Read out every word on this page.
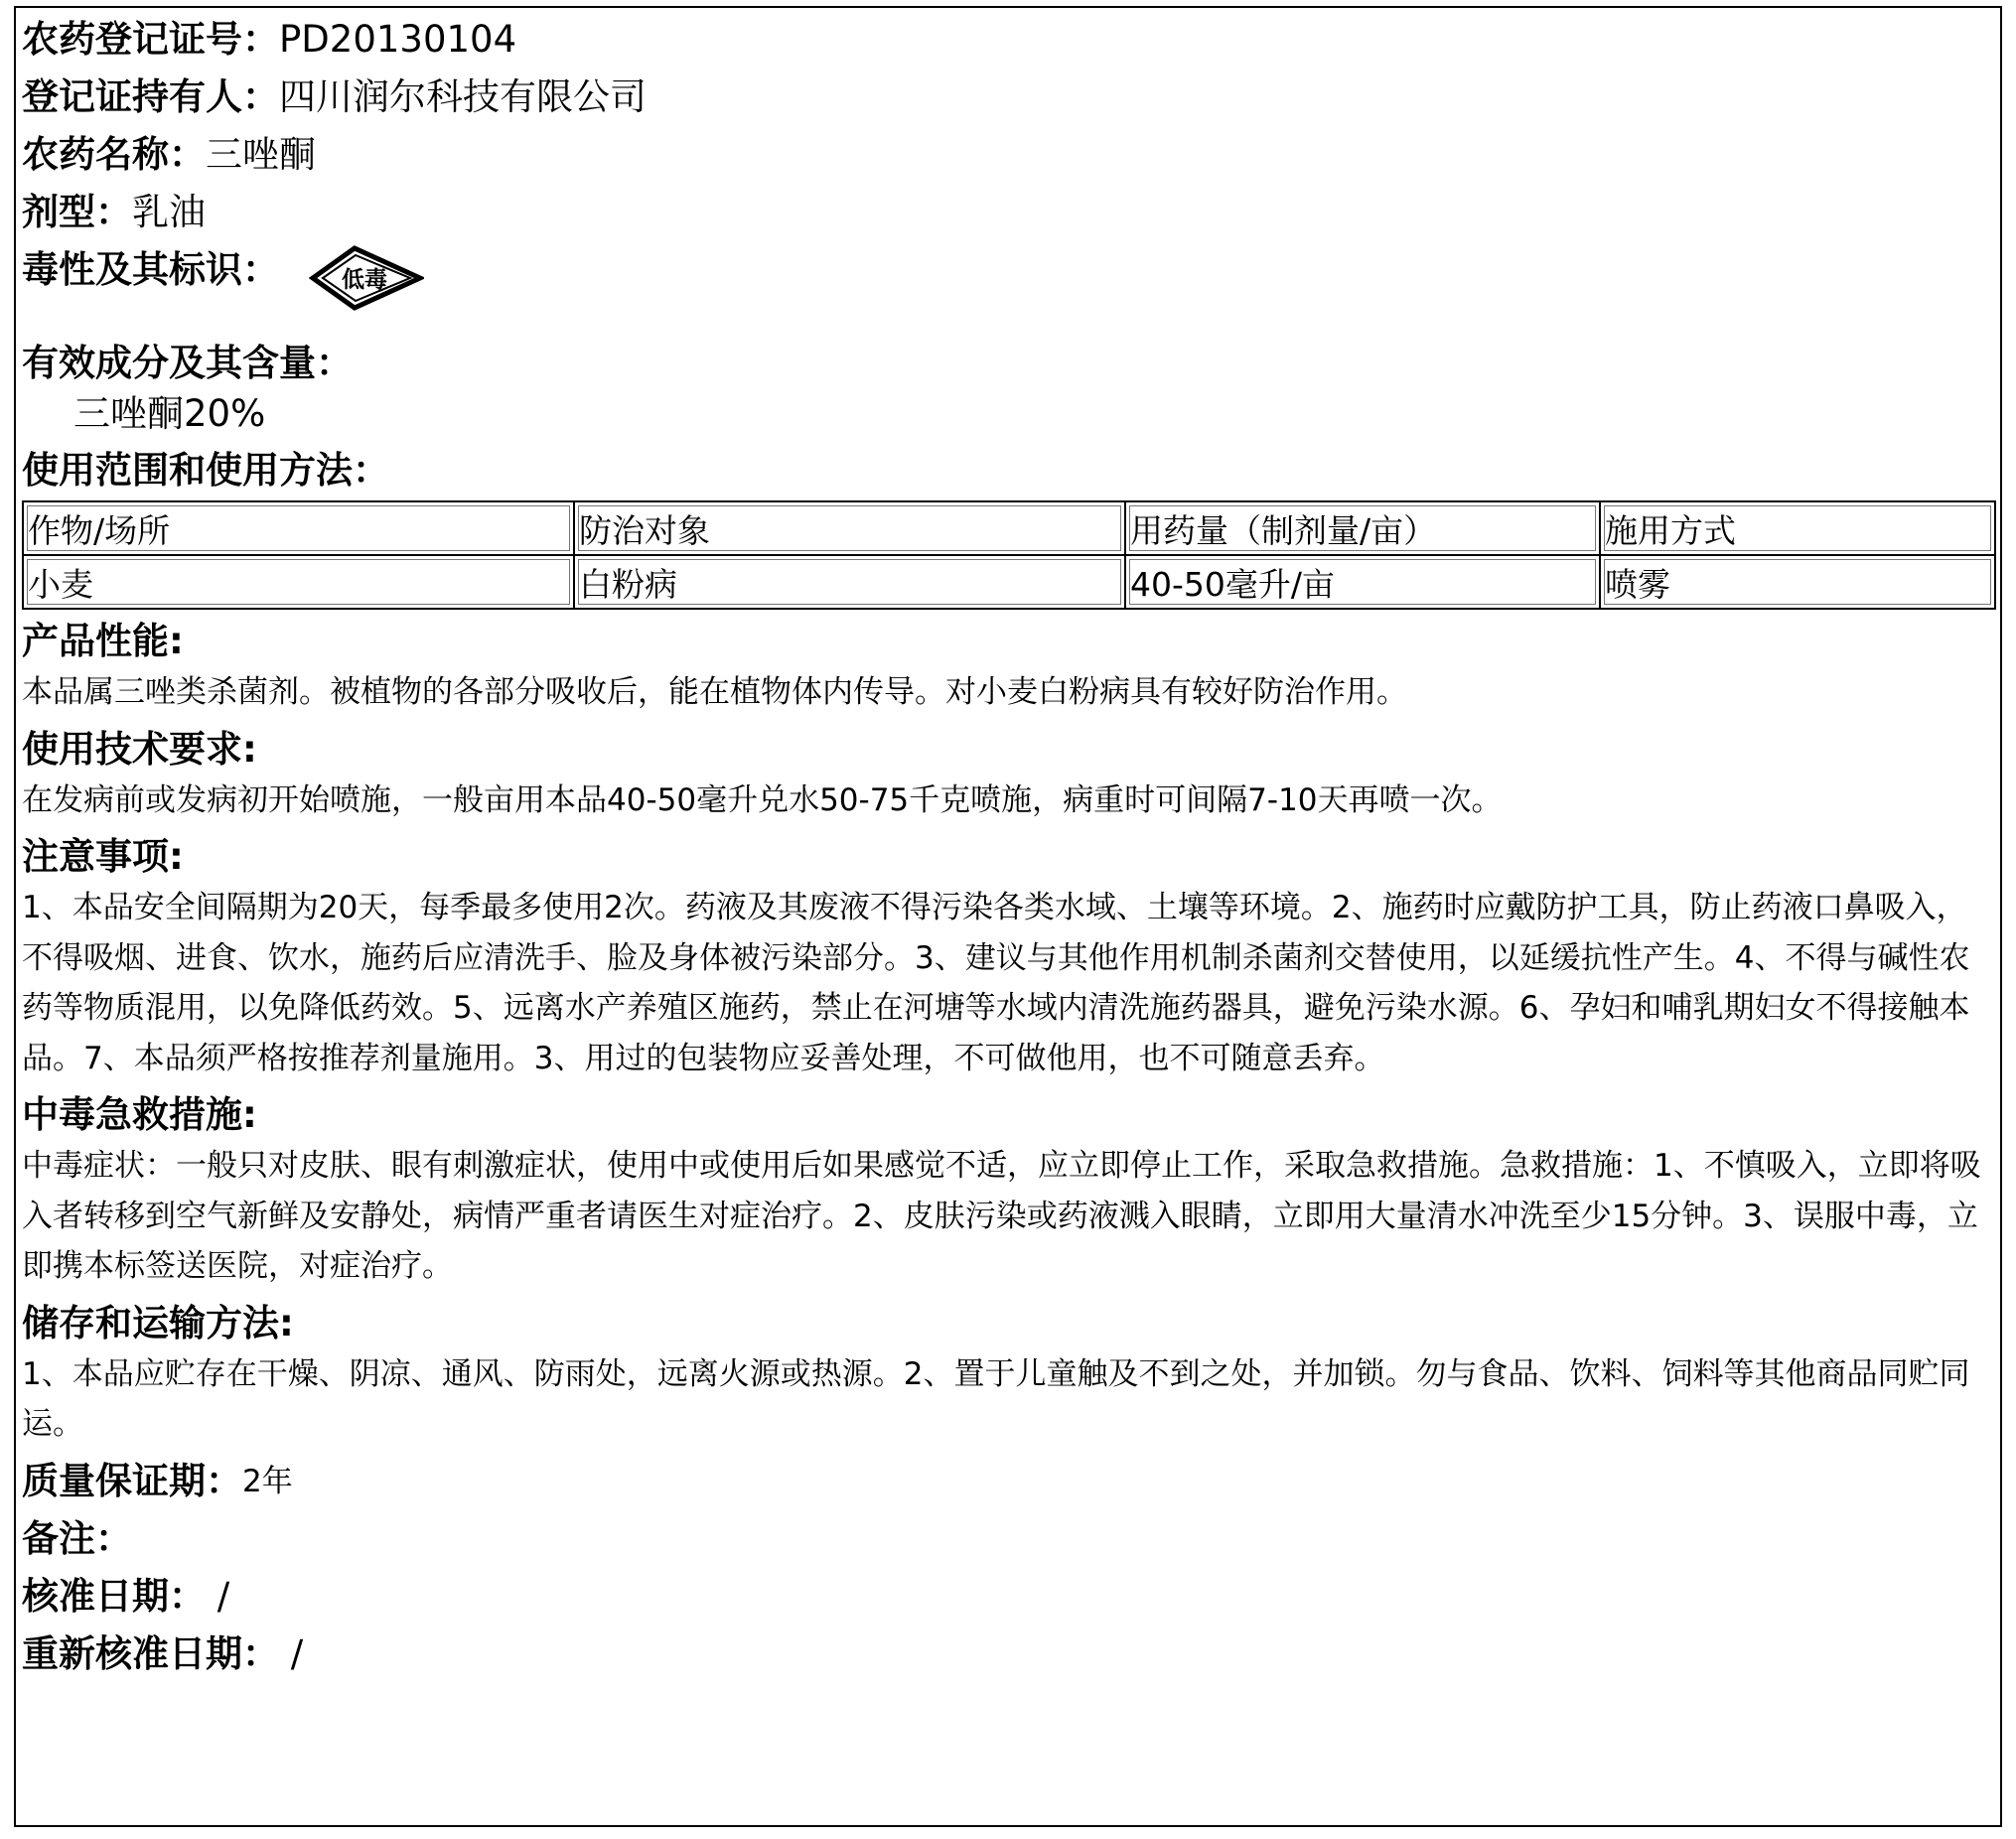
农药登记证号： PD20130104
登记证持有人： 四川润尔科技有限公司
农药名称： 三唑酮
剂型： 乳油
毒性及其标识：	低毒
有效成分及其含量：
三唑酮20%
使用范围和使用方法：
作物/场所	防治对象	用药量（制剂量/亩）	施用方式
小麦	白粉病	40-50毫升/亩	喷雾
产品性能:
本品属三唑类杀菌剂。被植物的各部分吸收后，能在植物体内传导。对小麦白粉病具有较好防治作用。
使用技术要求:
在发病前或发病初开始喷施，一般亩用本品40-50毫升兑水50-75千克喷施，病重时可间隔7-10天再喷一次。
注意事项:
1、本品安全间隔期为20天，每季最多使用2次。药液及其废液不得污染各类水域、土壤等环境。2、施药时应戴防护工具，防止药液口鼻吸入，不得吸烟、进食、饮水，施药后应清洗手、脸及身体被污染部分。3、建议与其他作用机制杀菌剂交替使用，以延缓抗性产生。4、不得与碱性农药等物质混用，以免降低药效。5、远离水产养殖区施药，禁止在河塘等水域内清洗施药器具，避免污染水源。6、孕妇和哺乳期妇女不得接触本品。7、本品须严格按推荐剂量施用。3、用过的包装物应妥善处理，不可做他用，也不可随意丢弃。
中毒急救措施:
中毒症状：一般只对皮肤、眼有刺激症状，使用中或使用后如果感觉不适，应立即停止工作，采取急救措施。急救措施：1、不慎吸入，立即将吸入者转移到空气新鲜及安静处，病情严重者请医生对症治疗。2、皮肤污染或药液溅入眼睛，立即用大量清水冲洗至少15分钟。3、误服中毒，立即携本标签送医院，对症治疗。
储存和运输方法:
1、本品应贮存在干燥、阴凉、通风、防雨处，远离火源或热源。2、置于儿童触及不到之处，并加锁。勿与食品、饮料、饲料等其他商品同贮同运。
质量保证期： 2年
备注：
核准日期： /
重新核准日期： /
